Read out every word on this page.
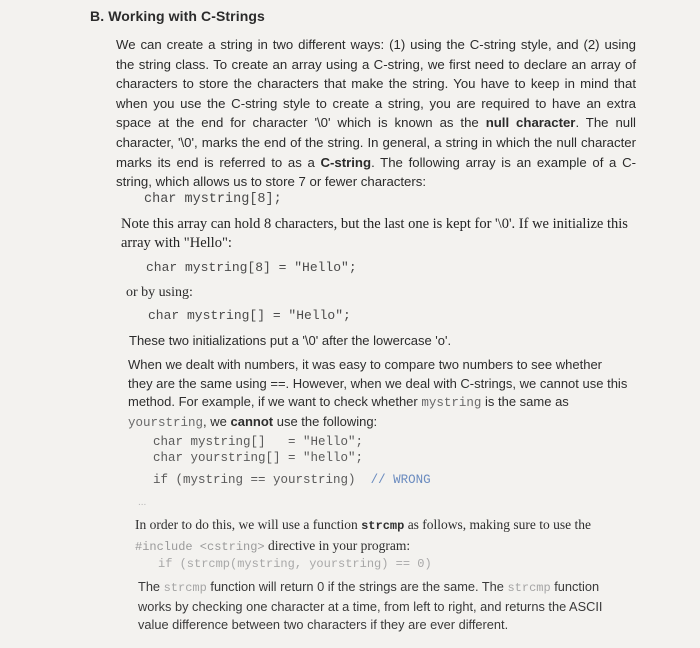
B. Working with C-Strings
We can create a string in two different ways: (1) using the C-string style, and (2) using the string class. To create an array using a C-string, we first need to declare an array of characters to store the characters that make the string. You have to keep in mind that when you use the C-string style to create a string, you are required to have an extra space at the end for character '\0' which is known as the null character. The null character, '\0', marks the end of the string. In general, a string in which the null character marks its end is referred to as a C-string. The following array is an example of a C-string, which allows us to store 7 or fewer characters:
char mystring[8];
Note this array can hold 8 characters, but the last one is kept for '\0'. If we initialize this array with "Hello":
char mystring[8] = "Hello";
or by using:
char mystring[] = "Hello";
These two initializations put a '\0' after the lowercase 'o'.
When we dealt with numbers, it was easy to compare two numbers to see whether they are the same using ==. However, when we deal with C-strings, we cannot use this method. For example, if we want to check whether mystring is the same as yourstring, we cannot use the following:
char mystring[]   = "Hello";
char yourstring[] = "hello";
if (mystring == yourstring) // WRONG
...
In order to do this, we will use a function strcmp as follows, making sure to use the #include <cstring> directive in your program:
if (strcmp(mystring, yourstring) == 0)
The strcmp function will return 0 if the strings are the same. The strcmp function works by checking one character at a time, from left to right, and returns the ASCII value difference between two characters if they are ever different.
